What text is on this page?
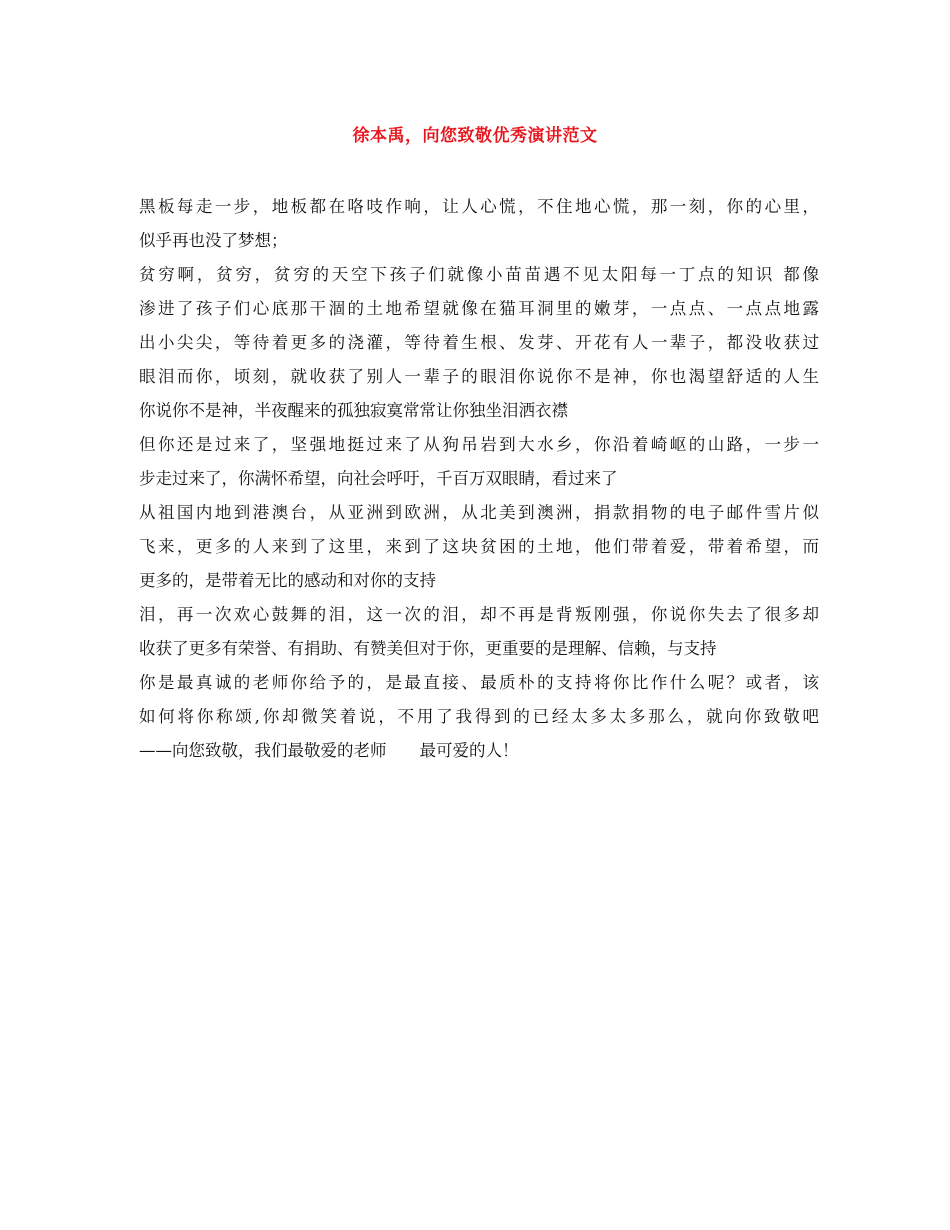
徐本禹，向您致敬优秀演讲范文
黑板每走一步，地板都在咯吱作响，让人心慌，不住地心慌，那一刻，你的心里，
似乎再也没了梦想；
贫穷啊，贫穷，贫穷的天空下孩子们就像小苗苗遇不见太阳每一丁点的知识 都像
渗进了孩子们心底那干涸的土地希望就像在猫耳洞里的嫩芽，一点点、一点点地露
出小尖尖，等待着更多的浇灌，等待着生根、发芽、开花有人一辈子，都没收获过
眼泪而你，顷刻，就收获了别人一辈子的眼泪你说你不是神，你也渴望舒适的人生
你说你不是神，半夜醒来的孤独寂寞常常让你独坐泪洒衣襟
但你还是过来了，坚强地挺过来了从狗吊岩到大水乡，你沿着崎岖的山路，一步一
步走过来了，你满怀希望，向社会呼吁，千百万双眼睛，看过来了
从祖国内地到港澳台，从亚洲到欧洲，从北美到澳洲，捐款捐物的电子邮件雪片似
飞来，更多的人来到了这里，来到了这块贫困的土地，他们带着爱，带着希望，而
更多的，是带着无比的感动和对你的支持
泪，再一次欢心鼓舞的泪，这一次的泪，却不再是背叛刚强，你说你失去了很多却
收获了更多有荣誉、有捐助、有赞美但对于你，更重要的是理解、信赖，与支持
你是最真诚的老师你给予的，是最直接、最质朴的支持将你比作什么呢？或者，该
如何将你称颂,你却微笑着说，不用了我得到的已经太多太多那么，就向你致敬吧
——向您致敬，我们最敬爱的老师　　最可爱的人！
